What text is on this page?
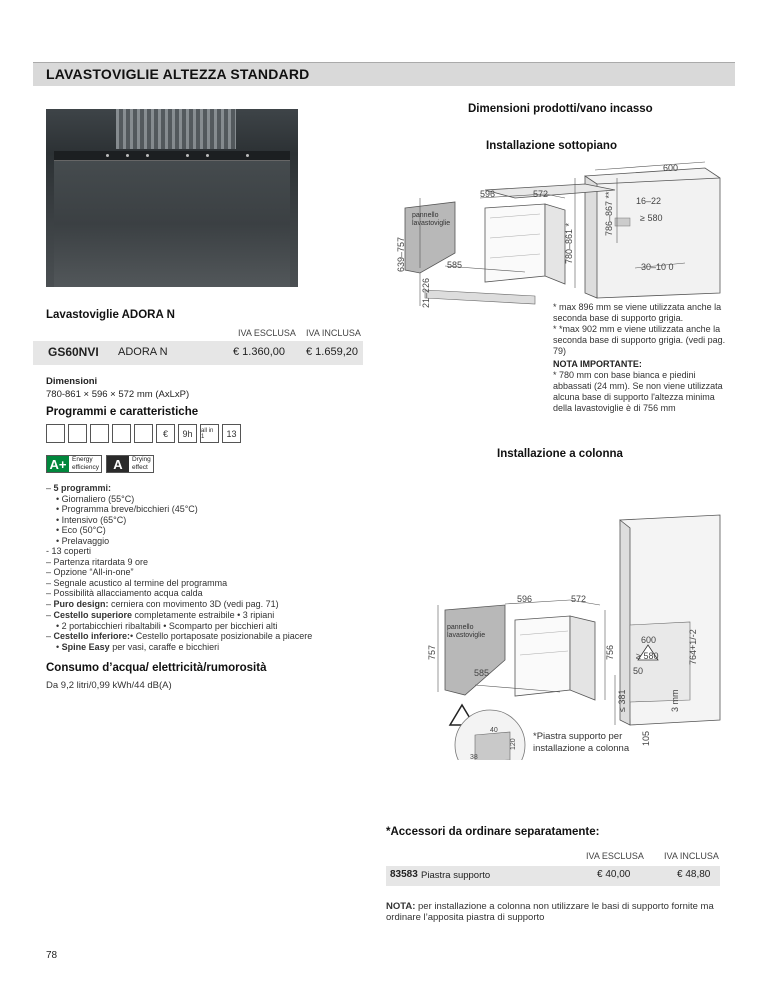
LAVASTOVIGLIE ALTEZZA STANDARD
Dimensioni prodotti/vano incasso
Installazione sottopiano
600
596	572
16–22
≥ 580
786–867 **
780–861 *
639–757	585	30–10 0
21–226
pannello
lavastoviglie
* max 896 mm se viene utilizzata anche la seconda base di supporto grigia.
* *max 902 mm e viene utilizzata anche la seconda base di supporto grigia. (vedi pag. 79)
NOTA IMPORTANTE:
* 780 mm con base bianca e piedini abbassati (24 mm). Se non viene utilizzata alcuna base di supporto l'altezza minima della lavastoviglie è di 756 mm
Lavastoviglie ADORA N
IVA ESCLUSA IVA INCLUSA
GS60NVI ADORA N	€ 1.360,00 € 1.659,20
Dimensioni
780-861 × 596 × 572 mm (AxLxP)
Programmi e caratteristiche
€	9h	all in 1	13
A+ Energy efficiency	A	Drying effect
– 5 programmi:
• Giornaliero (55°C)
• Programma breve/bicchieri (45°C)
• Intensivo (65°C)
• Eco (50°C)
• Prelavaggio
- 13 coperti
– Partenza ritardata 9 ore
– Opzione “All-in-one”
– Segnale acustico al termine del programma
– Possibilità allacciamento acqua calda
– Puro design: cerniera con movimento 3D (vedi pag. 71)
– Cestello superiore completamente estraibile • 3 ripiani
• 2 portabicchieri ribaltabili • Scomparto per bicchieri alti
– Cestello inferiore:• Cestello portaposate posizionabile a piacere
• Spine Easy per vasi, caraffe e bicchieri
Consumo d’acqua/ elettricità/rumorosità
Da 9,2 litri/0,99 kWh/44 dB(A)
Installazione a colonna
596	572
600
≥ 580
50
757	756	764+1/-2
585
≤ 381	3 mm
105
40
120
38
pannello
lavastoviglie
*Piastra supporto per installazione a colonna
*Accessori da ordinare separatamente:
IVA ESCLUSA IVA INCLUSA
83583 Piastra supporto	€ 40,00	€ 48,80
NOTA: per installazione a colonna non utilizzare le basi di supporto fornite ma ordinare l’apposita piastra di supporto
78
